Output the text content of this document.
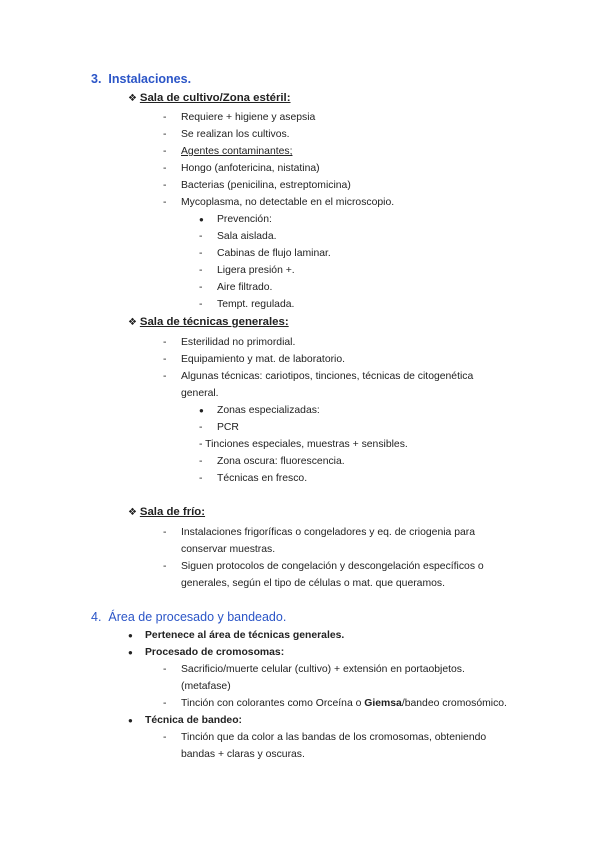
3. Instalaciones.
❖ Sala de cultivo/Zona estéril:
- Requiere + higiene y asepsia
- Se realizan los cultivos.
- Agentes contaminantes;
- Hongo (anfotericina, nistatina)
- Bacterias (penicilina, estreptomicina)
- Mycoplasma, no detectable en el microscopio.
● Prevención:
- Sala aislada.
- Cabinas de flujo laminar.
- Ligera presión +.
- Aire filtrado.
- Tempt. regulada.
❖ Sala de técnicas generales:
- Esterilidad no primordial.
- Equipamiento y mat. de laboratorio.
- Algunas técnicas: cariotipos, tinciones, técnicas de citogenética
general.
● Zonas especializadas:
- PCR
- Tinciones especiales, muestras + sensibles.
- Zona oscura: fluorescencia.
- Técnicas en fresco.
❖ Sala de frío:
- Instalaciones frigoríficas o congeladores y eq. de criogenia para
conservar muestras.
- Siguen protocolos de congelación y descongelación específicos o
generales, según el tipo de células o mat. que queramos.
4. Área de procesado y bandeado.
● Pertenece al área de técnicas generales.
● Procesado de cromosomas:
- Sacrificio/muerte celular (cultivo) + extensión en portaobjetos.
(metafase)
- Tinción con colorantes como Orceína o Giemsa/bandeo cromosómico.
● Técnica de bandeo:
- Tinción que da color a las bandas de los cromosomas, obteniendo
bandas + claras y oscuras.
